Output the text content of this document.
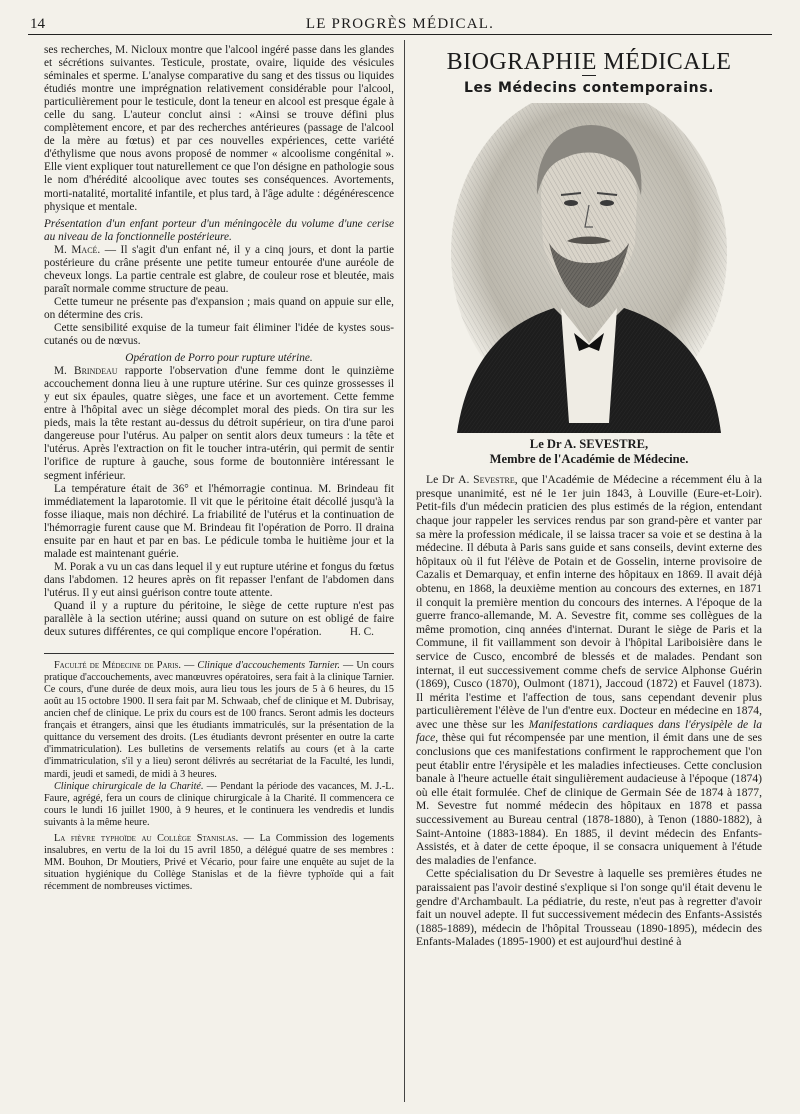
14	LE PROGRÈS MÉDICAL.

ses recherches, M. Nicloux montre que l'alcool ingéré passe dans les glandes et sécrétions suivantes. Testicule, prostate, ovaire, liquide des vésicules séminales et sperme. L'analyse comparative du sang et des tissus ou liquides étudiés montre une imprégnation relativement considérable pour l'alcool, particulièrement pour le testicule, dont la teneur en alcool est presque égale à celle du sang. L'auteur conclut ainsi : «Ainsi se trouve défini plus complètement encore, et par des recherches antérieures (passage de l'alcool de la mère au fœtus) et par ces nouvelles expériences, cette variété d'éthylisme que nous avons proposé de nommer « alcoolisme congénital ». Elle vient expliquer tout naturellement ce que l'on désigne en pathologie sous le nom d'hérédité alcoolique avec toutes ses conséquences. Avortements, morti-natalité, mortalité infantile, et plus tard, à l'âge adulte : dégénérescence physique et mentale.

Présentation d'un enfant porteur d'un méningocèle du volume d'une cerise au niveau de la fonctionnelle postérieure.

M. Macé. — Il s'agit d'un enfant né, il y a cinq jours, et dont la partie postérieure du crâne présente une petite tumeur entourée d'une auréole de cheveux longs. La partie centrale est glabre, de couleur rose et bleutée, mais paraît normale comme structure de peau.

Cette tumeur ne présente pas d'expansion ; mais quand on appuie sur elle, on détermine des cris.

Cette sensibilité exquise de la tumeur fait éliminer l'idée de kystes sous-cutanés ou de nœvus.

Opération de Porro pour rupture utérine.

M. Brindeau rapporte l'observation d'une femme dont le quinzième accouchement donna lieu à une rupture utérine. Sur ces quinze grossesses il y eut six épaules, quatre sièges, une face et un avortement. Cette femme entre à l'hôpital avec un siège décomplet moral des pieds. On tira sur les pieds, mais la tête restant au-dessus du détroit supérieur, on tira d'une paroi dangereuse pour l'utérus. Au palper on sentit alors deux tumeurs : la tête et l'utérus. Après l'extraction on fit le toucher intra-utérin, qui permit de sentir l'orifice de rupture à gauche, sous forme de boutonnière intéressant le segment inférieur.

La température était de 36° et l'hémorragie continua. M. Brindeau fit immédiatement la laparotomie. Il vit que le péritoine était décollé jusqu'à la fosse iliaque, mais non déchiré. La friabilité de l'utérus et la continuation de l'hémorragie furent cause que M. Brindeau fit l'opération de Porro. Il draina ensuite par en haut et par en bas. Le pédicule tomba le huitième jour et la malade est maintenant guérie.

M. Porak a vu un cas dans lequel il y eut rupture utérine et fongus du fœtus dans l'abdomen. 12 heures après on fit repasser l'enfant de l'abdomen dans l'utérus. Il y eut ainsi guérison contre toute attente.

Quand il y a rupture du péritoine, le siège de cette rupture n'est pas parallèle à la section utérine; aussi quand on suture on est obligé de faire deux sutures différentes, ce qui complique encore l'opération.	H. C.

Faculté de Médecine de Paris. — Clinique d'accouchements Tarnier. — Un cours pratique d'accouchements, avec manœuvres opératoires, sera fait à la clinique Tarnier. Ce cours, d'une durée de deux mois, aura lieu tous les jours de 5 à 6 heures, du 15 août au 15 octobre 1900. Il sera fait par M. Schwaab, chef de clinique et M. Dubrisay, ancien chef de clinique. Le prix du cours est de 100 francs. Seront admis les docteurs français et étrangers, ainsi que les étudiants immatriculés, sur la présentation de la quittance du versement des droits. (Les étudiants devront présenter en outre la carte d'immatriculation). Les bulletins de versements relatifs au cours (et à la carte d'immatriculation, s'il y a lieu) seront délivrés au secrétariat de la Faculté, les lundi, mardi, jeudi et samedi, de midi à 3 heures.

Clinique chirurgicale de la Charité. — Pendant la période des vacances, M. J.-L. Faure, agrégé, fera un cours de clinique chirurgicale à la Charité. Il commencera ce cours le lundi 16 juillet 1900, à 9 heures, et le continuera les vendredis et lundis suivants à la même heure.

La fièvre typhoïde au Collège Stanislas. — La Commission des logements insalubres, en vertu de la loi du 15 avril 1850, a délégué quatre de ses membres : MM. Bouhon, Dr Moutiers, Privé et Vécario, pour faire une enquête au sujet de la situation hygiénique du Collège Stanislas et de la fièvre typhoïde qui a fait récemment de nombreuses victimes.

BIOGRAPHIE MÉDICALE
Les Médecins contemporains.
Le Dr A. SEVESTRE,
Membre de l'Académie de Médecine.

Le Dr A. Sevestre, que l'Académie de Médecine a récemment élu à la presque unanimité, est né le 1er juin 1843, à Louville (Eure-et-Loir). Petit-fils d'un médecin praticien des plus estimés de la région, entendant chaque jour rappeler les services rendus par son grand-père et vanter par sa mère la profession médicale, il se laissa tracer sa voie et se destina à la médecine. Il débuta à Paris sans guide et sans conseils, devint externe des hôpitaux où il fut l'élève de Potain et de Gosselin, interne provisoire de Cazalis et Demarquay, et enfin interne des hôpitaux en 1869. Il avait déjà obtenu, en 1868, la deuxième mention au concours des externes, en 1871 il conquit la première mention du concours des internes. A l'époque de la guerre franco-allemande, M. A. Sevestre fit, comme ses collègues de la même promotion, cinq années d'internat. Durant le siège de Paris et la Commune, il fit vaillamment son devoir à l'hôpital Lariboisière dans le service de Cusco, encombré de blessés et de malades. Pendant son internat, il eut successivement comme chefs de service Alphonse Guérin (1869), Cusco (1870), Oulmont (1871), Jaccoud (1872) et Fauvel (1873). Il mérita l'estime et l'affection de tous, sans cependant devenir plus particulièrement l'élève de l'un d'entre eux. Docteur en médecine en 1874, avec une thèse sur les Manifestations cardiaques dans l'érysipèle de la face, thèse qui fut récompensée par une mention, il émit dans une de ses conclusions que ces manifestations confirment le rapprochement que l'on peut établir entre l'érysipèle et les maladies infectieuses. Cette conclusion banale à l'heure actuelle était singulièrement audacieuse à l'époque (1874) où elle était formulée. Chef de clinique de Germain Sée de 1874 à 1877, M. Sevestre fut nommé médecin des hôpitaux en 1878 et passa successivement au Bureau central (1878-1880), à Tenon (1880-1882), à Saint-Antoine (1883-1884). En 1885, il devint médecin des Enfants-Assistés, et à dater de cette époque, il se consacra uniquement à l'étude des maladies de l'enfance.

Cette spécialisation du Dr Sevestre à laquelle ses premières études ne paraissaient pas l'avoir destiné s'explique si l'on songe qu'il était devenu le gendre d'Archambault. La pédiatrie, du reste, n'eut pas à regretter d'avoir fait un nouvel adepte. Il fut successivement médecin des Enfants-Assistés (1885-1889), médecin de l'hôpital Trousseau (1890-1895), médecin des Enfants-Malades (1895-1900) et est aujourd'hui destiné à
